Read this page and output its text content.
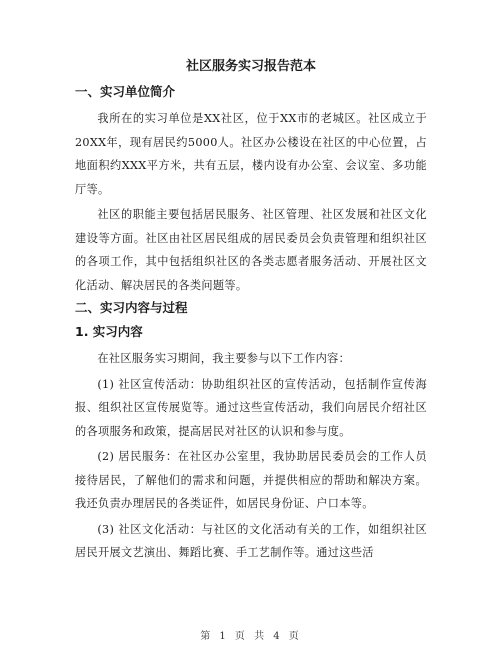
社区服务实习报告范本
一、实习单位简介

我所在的实习单位是XX社区，位于XX市的老城区。社区成立于20XX年，现有居民约5000人。社区办公楼设在社区的中心位置，占地面积约XXX平方米，共有五层，楼内设有办公室、会议室、多功能厅等。

社区的职能主要包括居民服务、社区管理、社区发展和社区文化建设等方面。社区由社区居民组成的居民委员会负责管理和组织社区的各项工作，其中包括组织社区的各类志愿者服务活动、开展社区文化活动、解决居民的各类问题等。

二、实习内容与过程
1. 实习内容

在社区服务实习期间，我主要参与以下工作内容：

(1) 社区宣传活动：协助组织社区的宣传活动，包括制作宣传海报、组织社区宣传展览等。通过这些宣传活动，我们向居民介绍社区的各项服务和政策，提高居民对社区的认识和参与度。

(2) 居民服务：在社区办公室里，我协助居民委员会的工作人员接待居民，了解他们的需求和问题，并提供相应的帮助和解决方案。我还负责办理居民的各类证件，如居民身份证、户口本等。

(3) 社区文化活动：与社区的文化活动有关的工作，如组织社区居民开展文艺演出、舞蹈比赛、手工艺制作等。通过这些活

第 1 页 共 4 页
